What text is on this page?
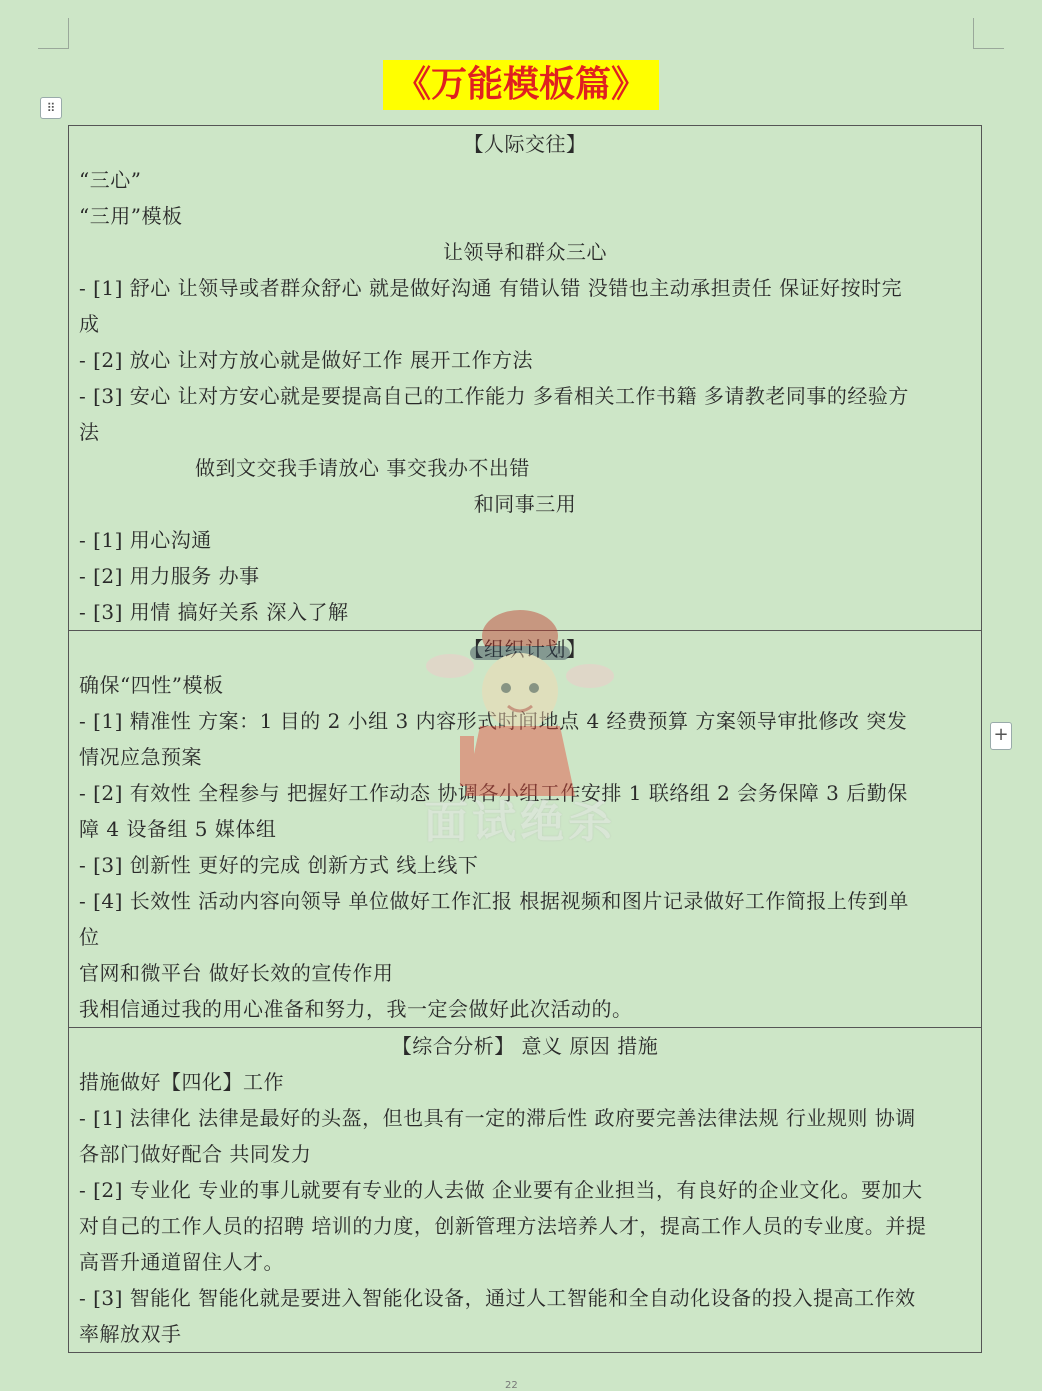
《万能模板篇》
⠿
+
【人际交往】
“三心”
“三用”模板
让领导和群众三心
- [1] 舒心 让领导或者群众舒心 就是做好沟通 有错认错 没错也主动承担责任 保证好按时完
成
- [2] 放心 让对方放心就是做好工作 展开工作方法
- [3] 安心 让对方安心就是要提高自己的工作能力 多看相关工作书籍 多请教老同事的经验方
法
做到文交我手请放心 事交我办不出错
和同事三用
- [1] 用心沟通
- [2] 用力服务 办事
- [3] 用情 搞好关系 深入了解
【组织计划】
确保“四性”模板
- [1] 精准性 方案：1 目的 2 小组 3 内容形式时间地点 4 经费预算 方案领导审批修改 突发
情况应急预案
- [2] 有效性 全程参与 把握好工作动态 协调各小组工作安排 1 联络组 2 会务保障 3 后勤保
障 4 设备组 5 媒体组
- [3] 创新性 更好的完成 创新方式 线上线下
- [4] 长效性 活动内容向领导 单位做好工作汇报 根据视频和图片记录做好工作简报上传到单
位
官网和微平台 做好长效的宣传作用
我相信通过我的用心准备和努力，我一定会做好此次活动的。
【综合分析】 意义 原因 措施
措施做好【四化】工作
- [1] 法律化 法律是最好的头盔，但也具有一定的滞后性 政府要完善法律法规 行业规则 协调
各部门做好配合 共同发力
- [2] 专业化 专业的事儿就要有专业的人去做 企业要有企业担当，有良好的企业文化。要加大
对自己的工作人员的招聘 培训的力度，创新管理方法培养人才，提高工作人员的专业度。并提
高晋升通道留住人才。
- [3] 智能化 智能化就是要进入智能化设备，通过人工智能和全自动化设备的投入提高工作效
率解放双手
面试绝杀
22
